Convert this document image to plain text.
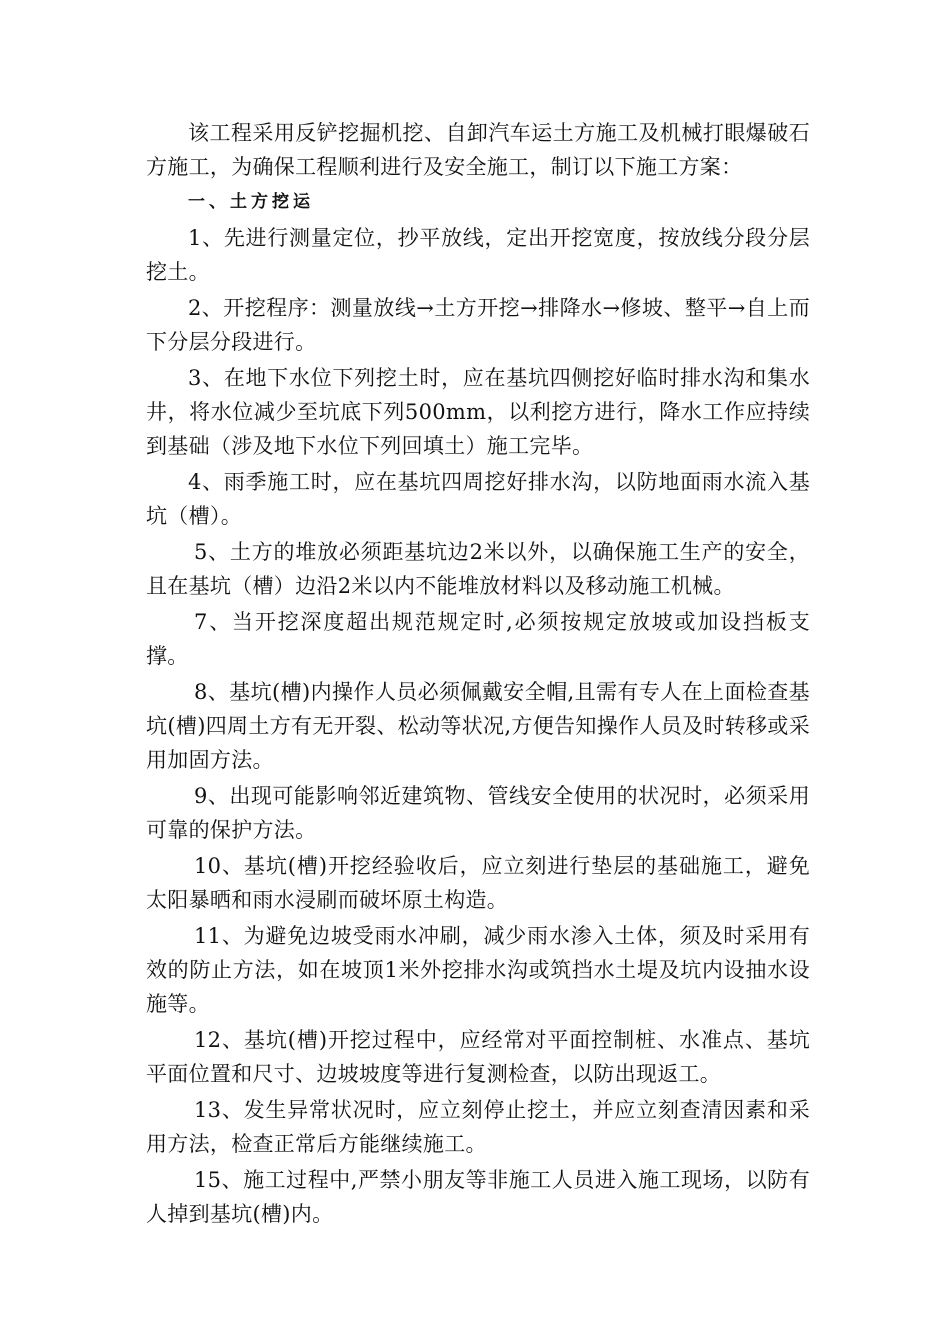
该工程采用反铲挖掘机挖、自卸汽车运土方施工及机械打眼爆破石方施工，为确保工程顺利进行及安全施工，制订以下施工方案：

一、土方挖运

1、先进行测量定位，抄平放线，定出开挖宽度，按放线分段分层挖土。

2、开挖程序：测量放线→土方开挖→排降水→修坡、整平→自上而下分层分段进行。

3、在地下水位下列挖土时，应在基坑四侧挖好临时排水沟和集水井，将水位减少至坑底下列500mm，以利挖方进行，降水工作应持续到基础（涉及地下水位下列回填土）施工完毕。

4、雨季施工时，应在基坑四周挖好排水沟，以防地面雨水流入基坑（槽）。

5、土方的堆放必须距基坑边2米以外，以确保施工生产的安全，且在基坑（槽）边沿2米以内不能堆放材料以及移动施工机械。

7、当开挖深度超出规范规定时,必须按规定放坡或加设挡板支撑。

8、基坑(槽)内操作人员必须佩戴安全帽,且需有专人在上面检查基坑(槽)四周土方有无开裂、松动等状况,方便告知操作人员及时转移或采用加固方法。

9、出现可能影响邻近建筑物、管线安全使用的状况时，必须采用可靠的保护方法。

10、基坑(槽)开挖经验收后，应立刻进行垫层的基础施工，避免太阳暴晒和雨水浸刷而破坏原土构造。

11、为避免边坡受雨水冲刷，减少雨水渗入土体，须及时采用有效的防止方法，如在坡顶1米外挖排水沟或筑挡水土堤及坑内设抽水设施等。

12、基坑(槽)开挖过程中，应经常对平面控制桩、水准点、基坑平面位置和尺寸、边坡坡度等进行复测检查，以防出现返工。

13、发生异常状况时，应立刻停止挖土，并应立刻查清因素和采用方法，检查正常后方能继续施工。

15、施工过程中,严禁小朋友等非施工人员进入施工现场，以防有人掉到基坑(槽)内。
